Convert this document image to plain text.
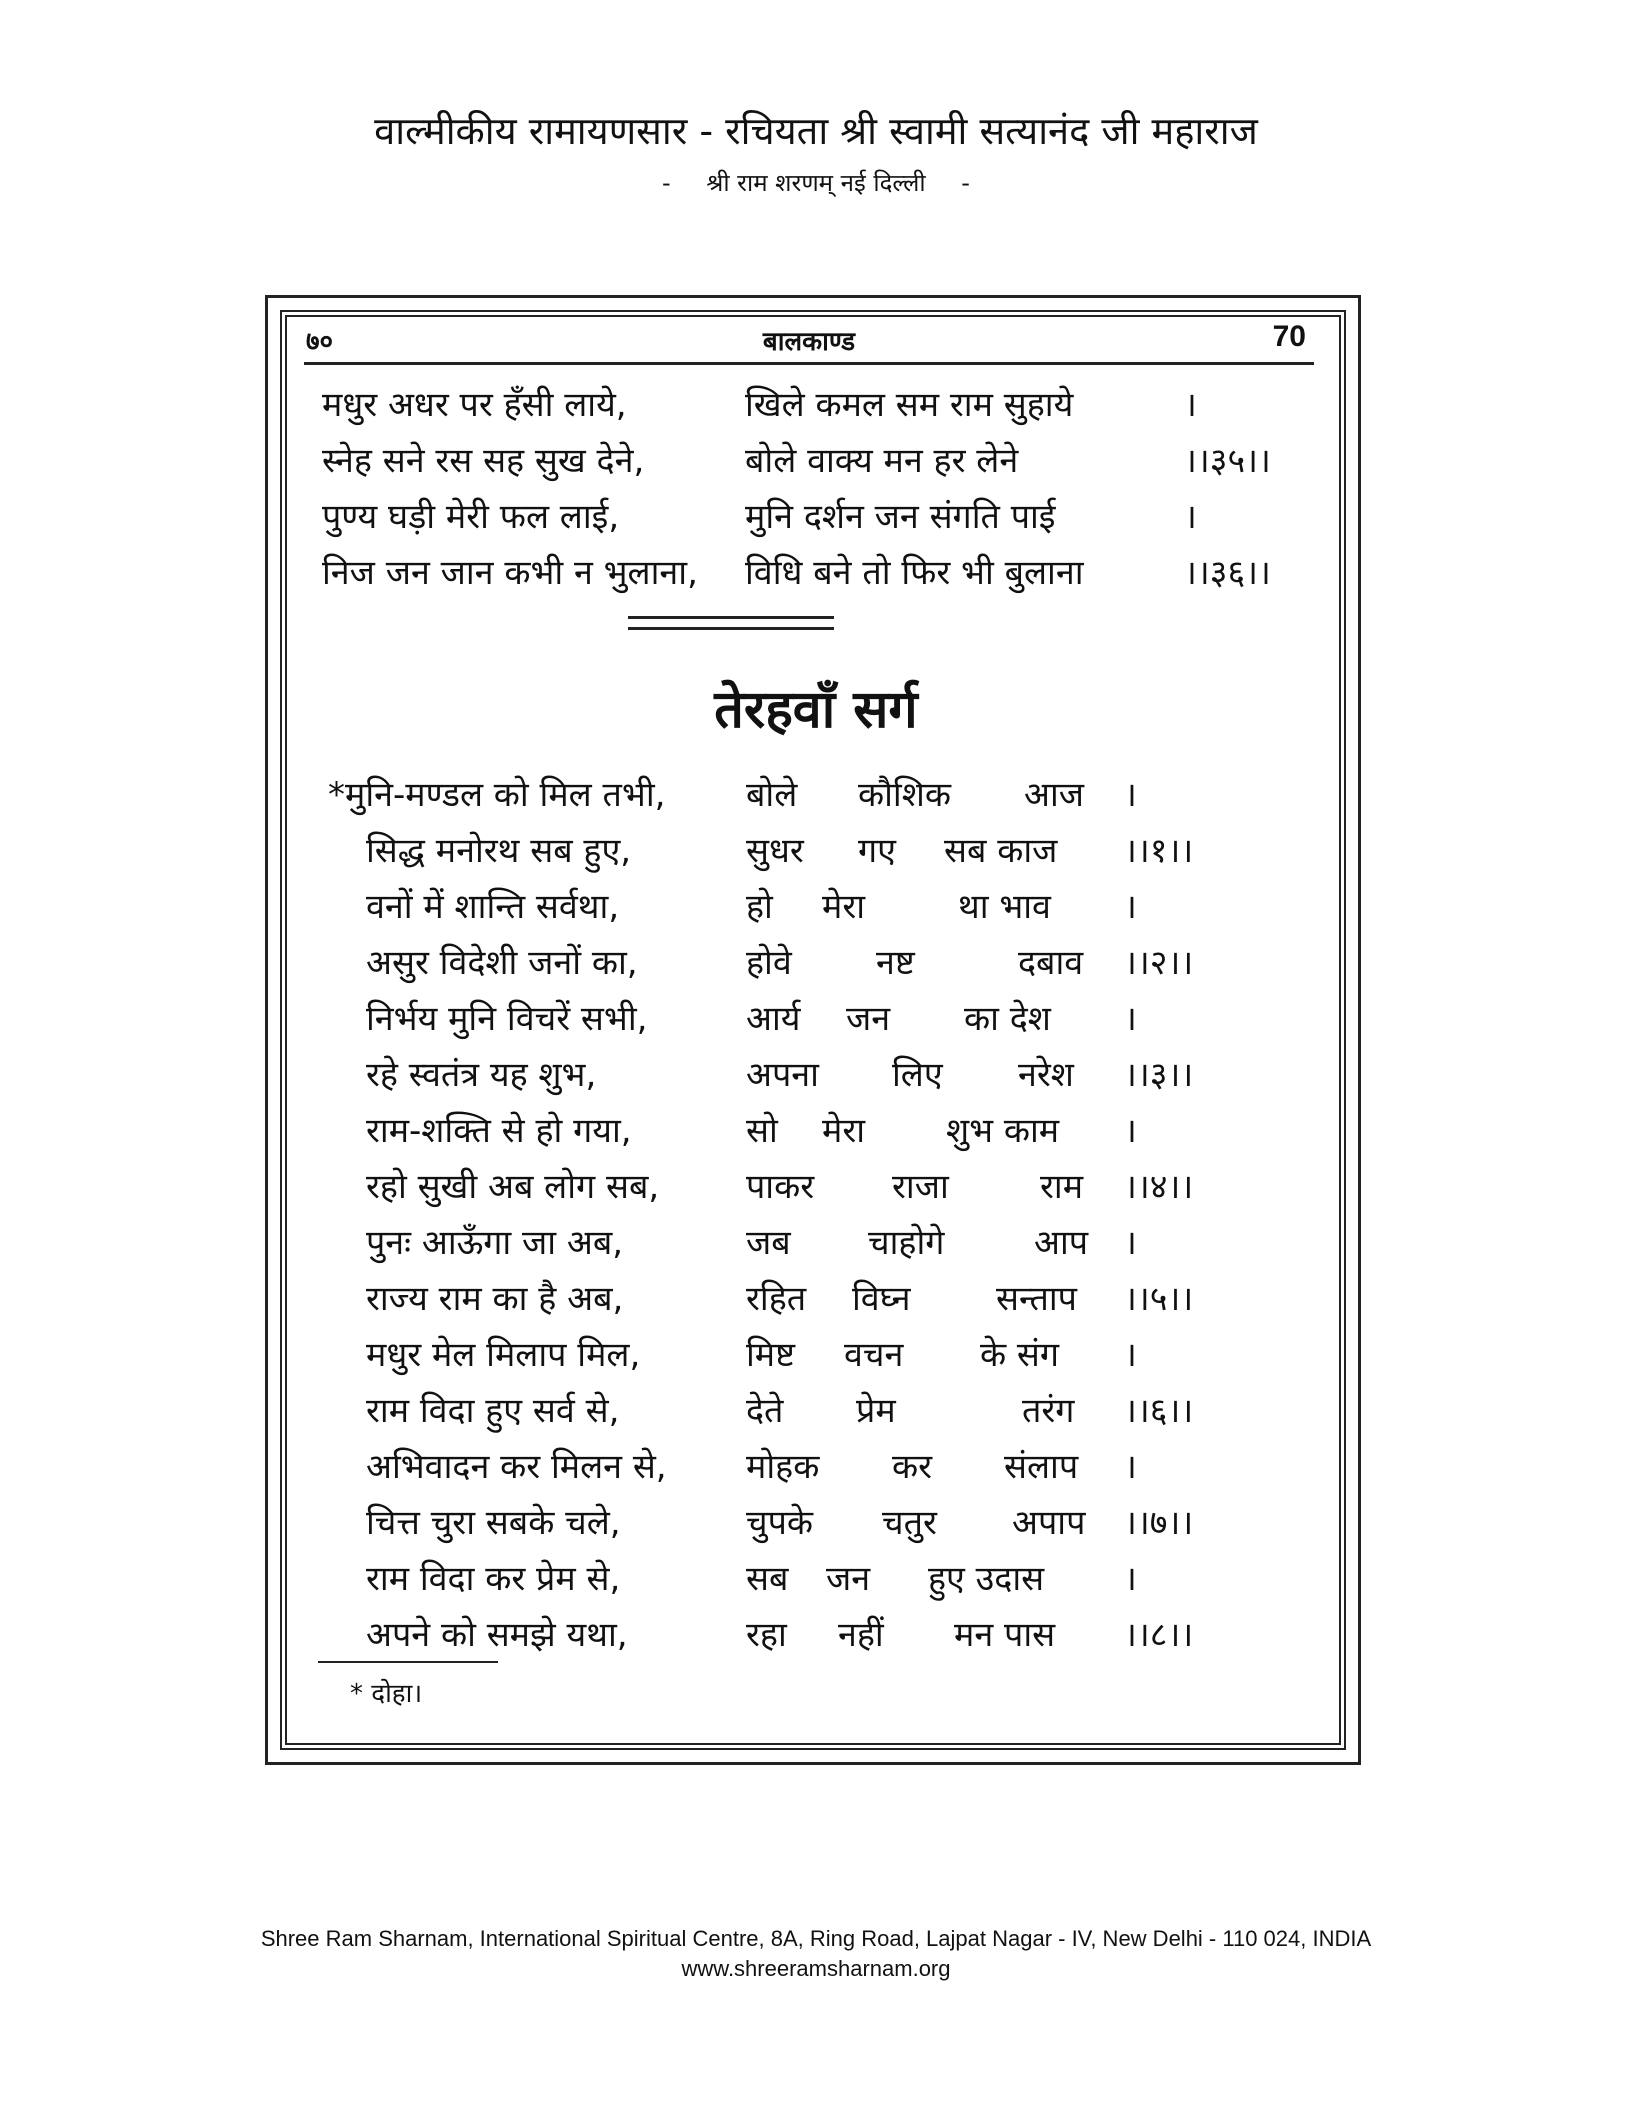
वाल्मीकीय रामायणसार - रचियता श्री स्वामी सत्यानंद जी महाराज
- श्री राम शरणम् नई दिल्ली -
७०	बालकाण्ड	70
मधुर अधर पर हँसी लाये,	खिले कमल सम राम सुहाये	।
स्नेह सने रस सह सुख देने,	बोले वाक्य मन हर लेने	।।३५।।
पुण्य घड़ी मेरी फल लाई,	मुनि दर्शन जन संगति पाई	।
निज जन जान कभी न भुलाना, विधि बने तो फिर भी बुलाना	।।३६।।
तेरहवाँ सर्ग
*मुनि-मण्डल को मिल तभी, बोले कौशिक आज ।
सिद्ध मनोरथ सब हुए,	सुधर गए सब काज ।।१।।
वनों में शान्ति सर्वथा,	हो मेरा	था भाव ।
असुर विदेशी जनों का,	होवे नष्ट	दबाव ।।२।।
निर्भय मुनि विचरें सभी,	आर्य जन का देश ।
रहे स्वतंत्र यह शुभ,	अपना लिए नरेश ।।३।।
राम-शक्ति से हो गया,	सो मेरा शुभ काम ।
रहो सुखी अब लोग सब,	पाकर राजा	राम ।।४।।
पुनः आऊँगा जा अब,	जब चाहोगे	आप ।
राज्य राम का है अब,	रहित विघ्न	सन्ताप ।।५।।
मधुर मेल मिलाप मिल,	मिष्ट वचन के संग ।
राम विदा हुए सर्व से,	देते प्रेम	तरंग ।।६।।
अभिवादन कर मिलन से, मोहक कर संलाप ।
चित्त चुरा सबके चले,	चुपके चतुर अपाप ।।७।।
राम विदा कर प्रेम से,	सब जन हुए उदास ।
अपने को समझे यथा,	रहा नहीं मन पास ।।८।।
* दोहा।
Shree Ram Sharnam, International Spiritual Centre, 8A, Ring Road, Lajpat Nagar - IV, New Delhi - 110 024, INDIA
www.shreeramsharnam.org
